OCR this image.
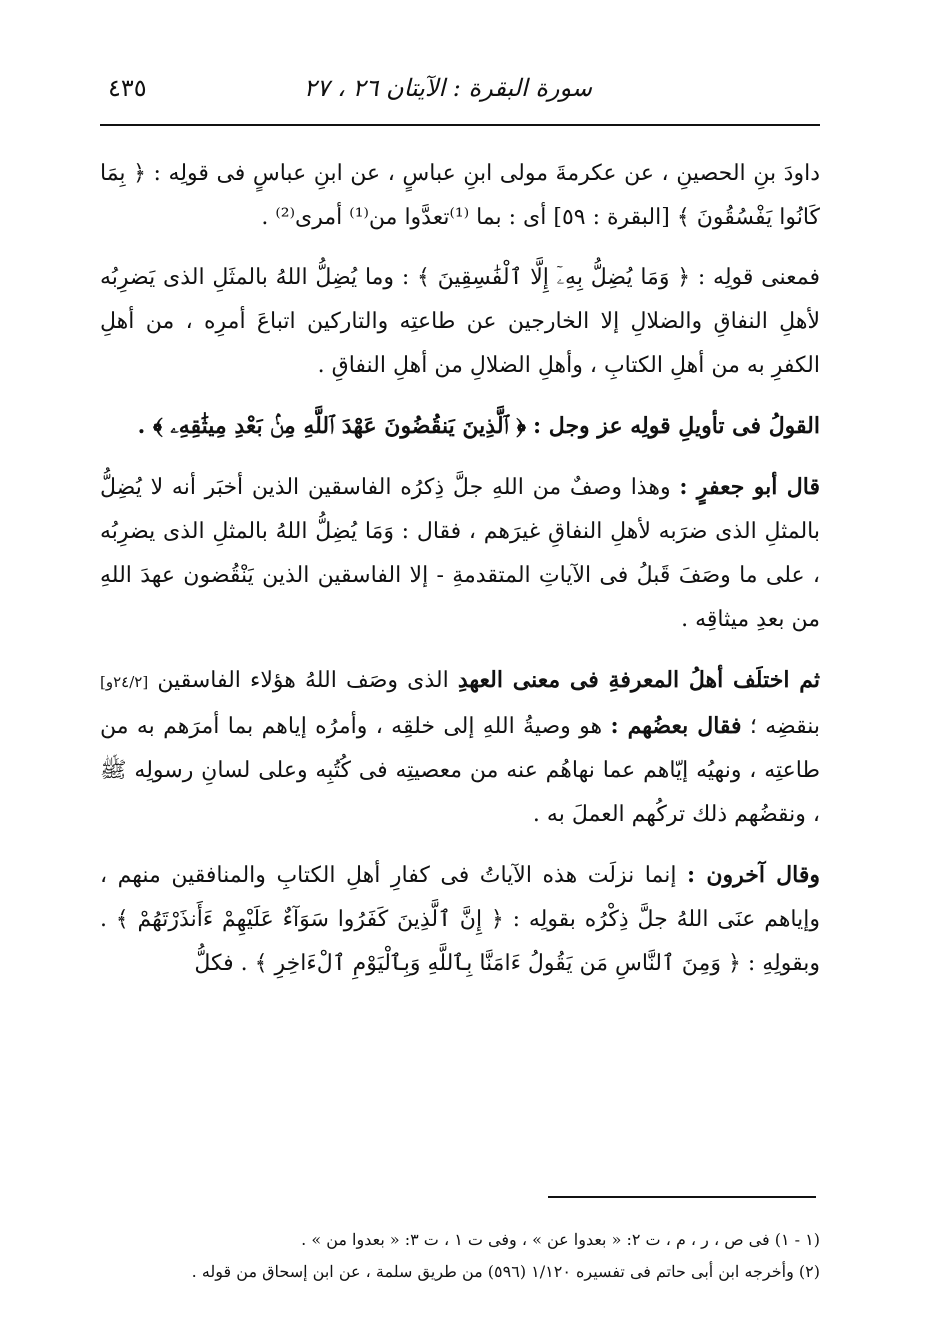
سورة البقرة : الآيتان ٢٦ ، ٢٧
٤٣٥

داودَ بنِ الحصينِ ، عن عكرمةَ مولى ابنِ عباسٍ ، عن ابنِ عباسٍ فى قولِه : ﴿ بِمَا كَانُوا يَفْسُقُونَ ﴾ [البقرة : ٥٩] أى : بما ⁽¹⁾تعدَّوا من⁽¹⁾ أمرى⁽²⁾ .

فمعنى قولِه : ﴿ وَمَا يُضِلُّ بِهِۦٓ إِلَّا ٱلْفَٰسِقِينَ ﴾ : وما يُضِلُّ اللهُ بالمثَلِ الذى يَضرِبُه لأهلِ النفاقِ والضلالِ إلا الخارجين عن طاعتِه والتاركين اتباعَ أمرِه ، من أهلِ الكفرِ به من أهلِ الكتابِ ، وأهلِ الضلالِ من أهلِ النفاقِ .

القولُ فى تأويلِ قولِه عز وجل : ﴿ ٱلَّذِينَ يَنقُضُونَ عَهْدَ ٱللَّهِ مِنۢ بَعْدِ مِيثَٰقِهِۦ ﴾ .

قال أبو جعفرٍ : وهذا وصفٌ من اللهِ جلَّ ذِكرُه الفاسقين الذين أخبَر أنه لا يُضِلُّ بالمثلِ الذى ضرَبه لأهلِ النفاقِ غيرَهم ، فقال : وَمَا يُضِلُّ اللهُ بالمثلِ الذى يضرِبُه ، على ما وصَفَ قَبلُ فى الآياتِ المتقدمةِ - إلا الفاسقين الذين يَنْقُضون عهدَ اللهِ من بعدِ ميثاقِه .

ثم اختلَف أهلُ المعرفةِ فى معنى العهدِ الذى وصَف اللهُ هؤلاء الفاسقين [٢٤/٢و] بنقضِه ؛ فقال بعضُهم : هو وصيةُ اللهِ إلى خلقِه ، وأمرُه إياهم بما أمرَهم به من طاعتِه ، ونهيُه إيّاهم عما نهاهُم عنه من معصيتِه فى كُتُبِه وعلى لسانِ رسولِه ﷺ ، ونقضُهم ذلك تركُهم العملَ به .

وقال آخرون : إنما نزلَت هذه الآياتُ فى كفارِ أهلِ الكتابِ والمنافقين منهم ، وإياهم عنَى اللهُ جلَّ ذِكْرُه بقولِه : ﴿ إِنَّ ٱلَّذِينَ كَفَرُوا سَوَآءٌ عَلَيْهِمْ ءَأَنذَرْتَهُمْ ﴾ . وبقولِهِ : ﴿ وَمِنَ ٱلنَّاسِ مَن يَقُولُ ءَامَنَّا بِٱللَّهِ وَبِٱلْيَوْمِ ٱلْءَاخِرِ ﴾ . فكلُّ

(١ - ١) فى ص ، ر ، م ، ت ٢: « بعدوا عن » ، وفى ت ١ ، ت ٣: « بعدوا من » .
(٢) وأخرجه ابن أبى حاتم فى تفسيره ١/١٢٠ (٥٩٦) من طريق سلمة ، عن ابن إسحاق من قوله .
